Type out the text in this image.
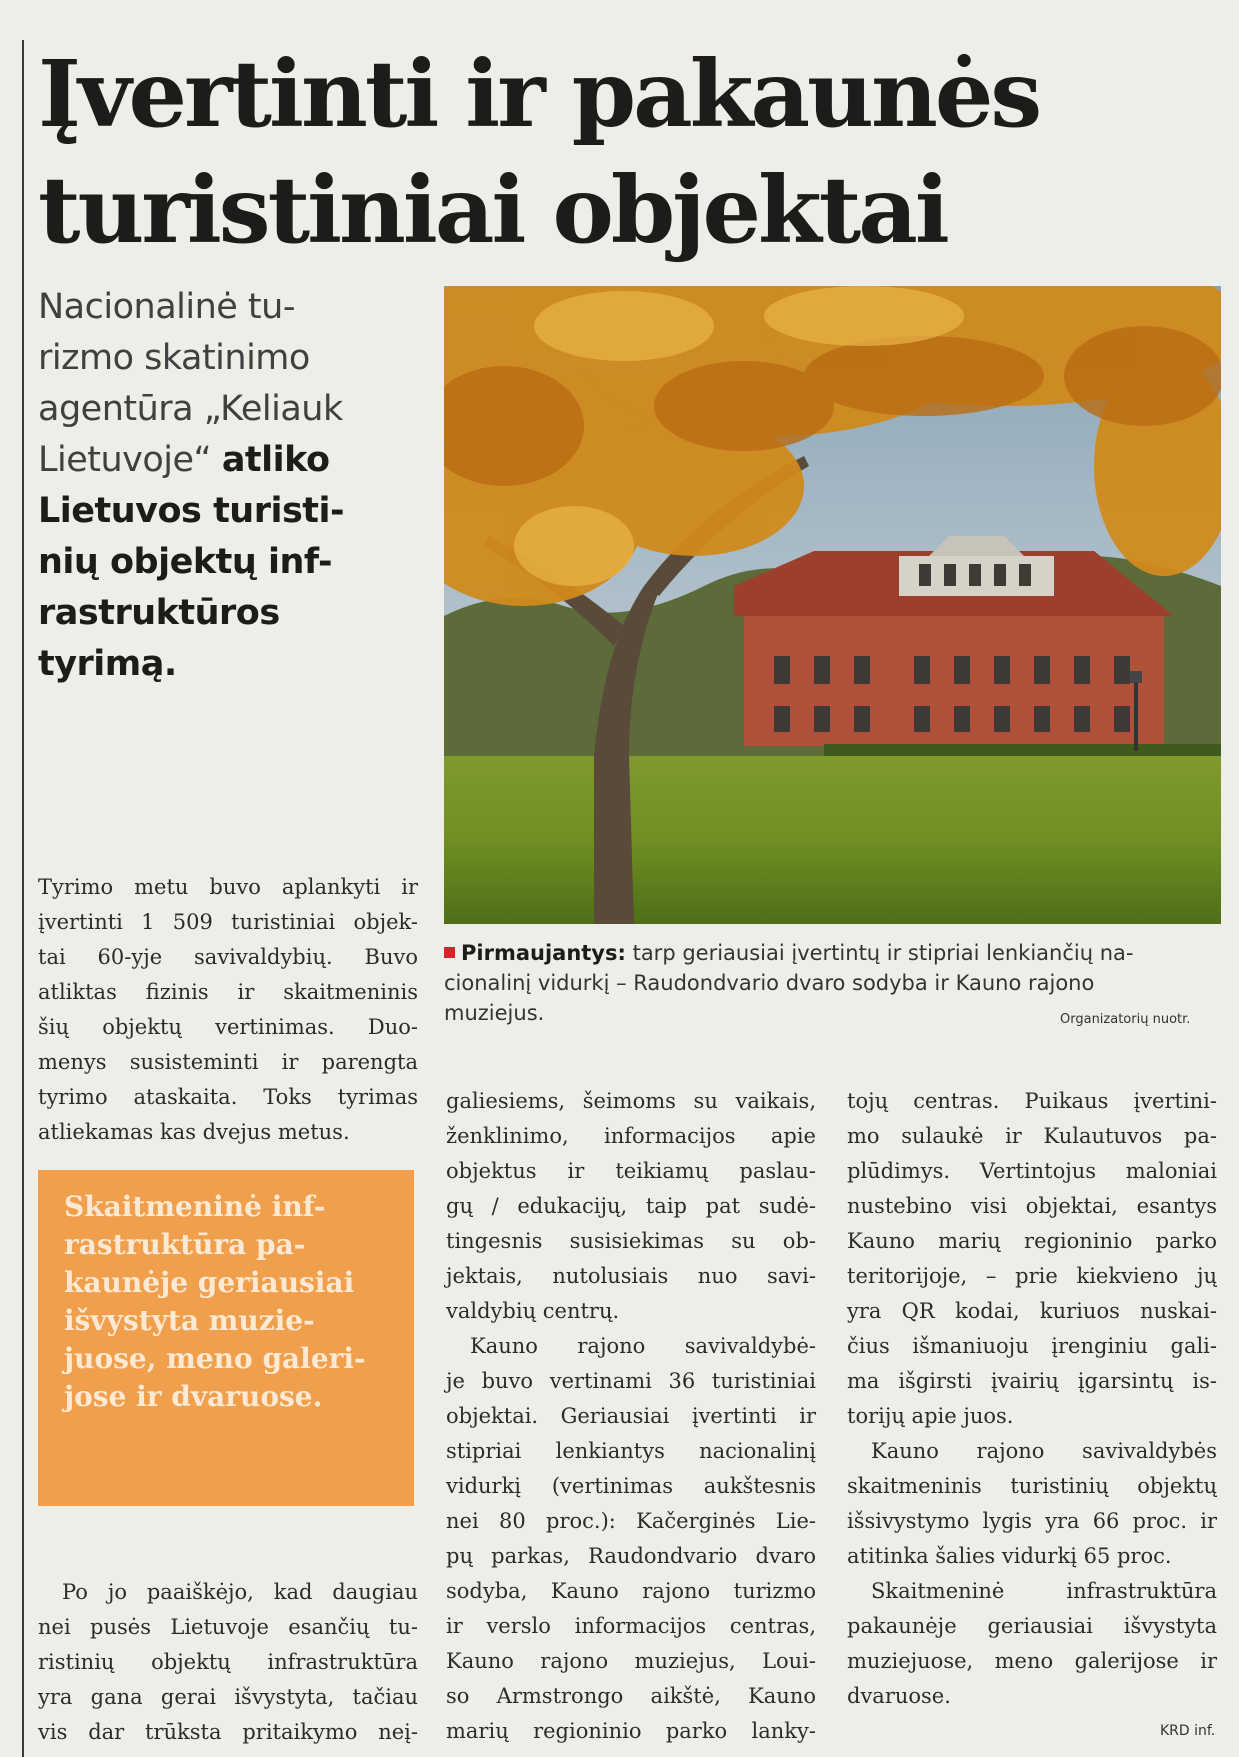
Įvertinti ir pakaunės
turistiniai objektai
Nacionalinė tu-
rizmo skatinimo
agentūra „Keliauk
Lietuvoje“ atliko
Lietuvos turisti-
nių objektų inf-
rastruktūros
tyrimą.
Pirmaujantys: tarp geriausiai įvertintų ir stipriai lenkiančių na-
cionalinį vidurkį – Raudondvario dvaro sodyba ir Kauno rajono
muziejus.	Organizatorių nuotr.
Tyrimo metu buvo aplankyti ir
įvertinti 1 509 turistiniai objek-
tai 60-yje savivaldybių. Buvo
atliktas fizinis ir skaitmeninis
šių objektų vertinimas. Duo-
menys susisteminti ir parengta
tyrimo ataskaita. Toks tyrimas
atliekamas kas dvejus metus.
Skaitmeninė inf-
rastruktūra pa-
kaunėje geriausiai
išvystyta muzie-
juose, meno galeri-
jose ir dvaruose.
Po jo paaiškėjo, kad daugiau
nei pusės Lietuvoje esančių tu-
ristinių objektų infrastruktūra
yra gana gerai išvystyta, tačiau
vis dar trūksta pritaikymo neį-
galiesiems, šeimoms su vaikais,
ženklinimo, informacijos apie
objektus ir teikiamų paslau-
gų / edukacijų, taip pat sudė-
tingesnis susisiekimas su ob-
jektais, nutolusiais nuo savi-
valdybių centrų.
Kauno rajono savivaldybė-
je buvo vertinami 36 turistiniai
objektai. Geriausiai įvertinti ir
stipriai lenkiantys nacionalinį
vidurkį (vertinimas aukštesnis
nei 80 proc.): Kačerginės Lie-
pų parkas, Raudondvario dvaro
sodyba, Kauno rajono turizmo
ir verslo informacijos centras,
Kauno rajono muziejus, Loui-
so Armstrongo aikštė, Kauno
marių regioninio parko lanky-
tojų centras. Puikaus įvertini-
mo sulaukė ir Kulautuvos pa-
plūdimys. Vertintojus maloniai
nustebino visi objektai, esantys
Kauno marių regioninio parko
teritorijoje, – prie kiekvieno jų
yra QR kodai, kuriuos nuskai-
čius išmaniuoju įrenginiu gali-
ma išgirsti įvairių įgarsintų is-
torijų apie juos.
Kauno rajono savivaldybės
skaitmeninis turistinių objektų
išsivystymo lygis yra 66 proc. ir
atitinka šalies vidurkį 65 proc.
Skaitmeninė infrastruktūra
pakaunėje geriausiai išvystyta
muziejuose, meno galerijose ir
dvaruose.
KRD inf.
